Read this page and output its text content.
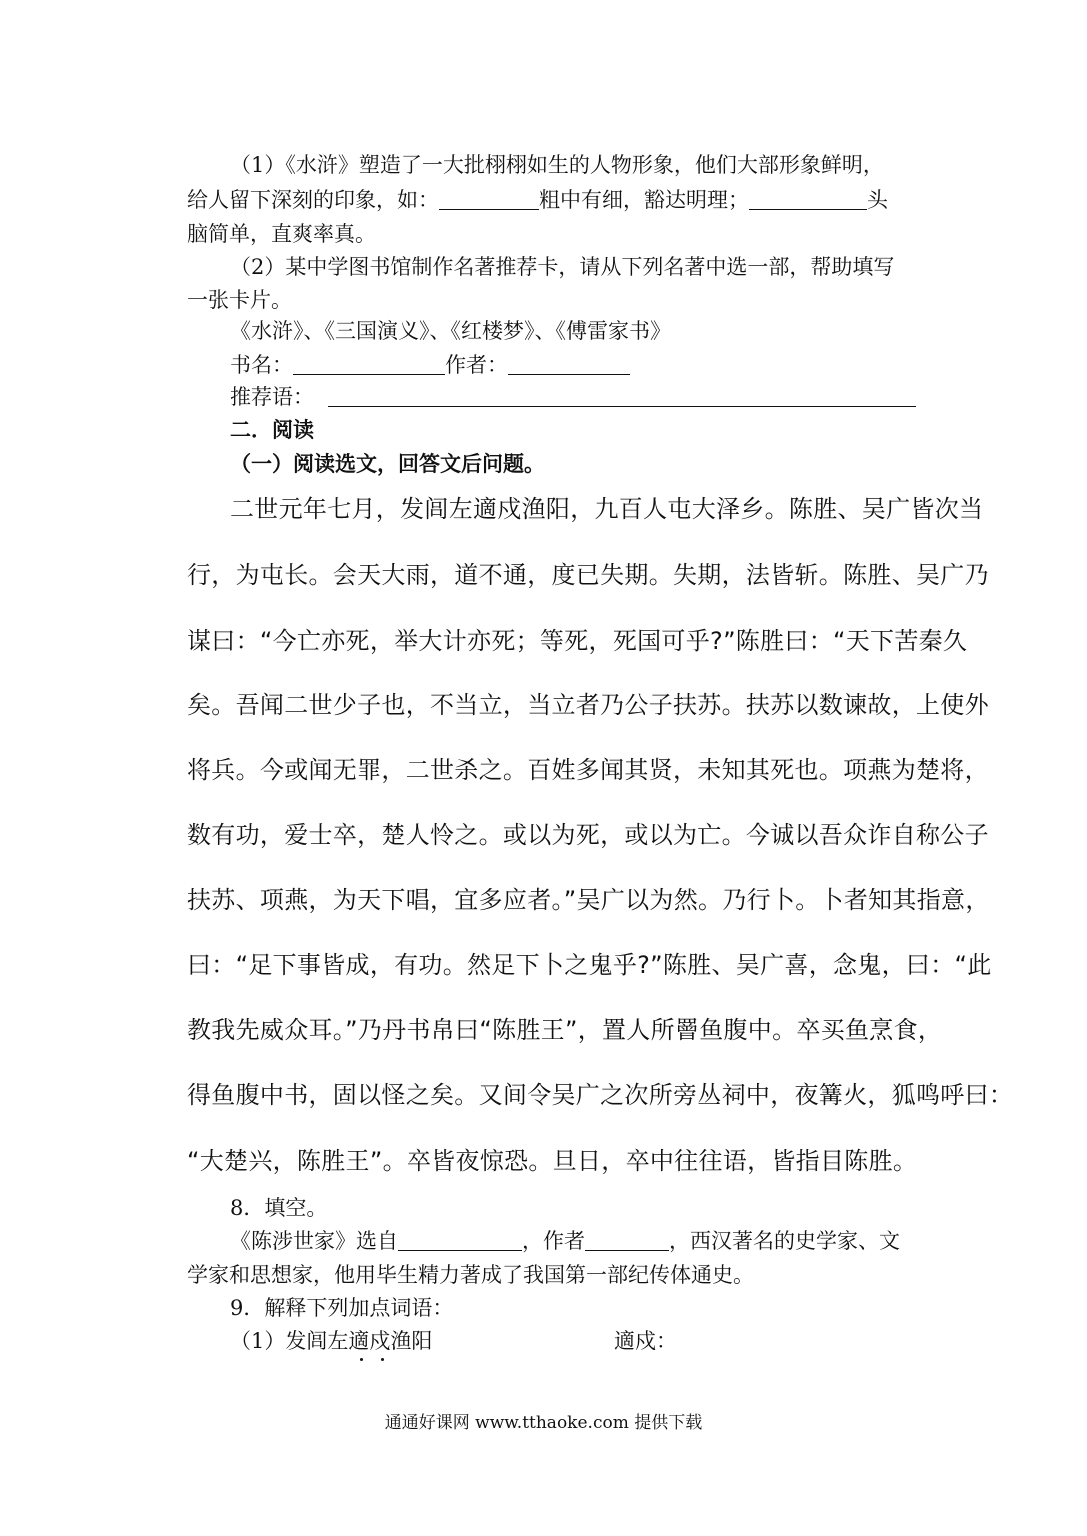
（1）《水浒》塑造了一大批栩栩如生的人物形象，他们大部形象鲜明，
给人留下深刻的印象，如：	粗中有细，豁达明理；	头
脑简单，直爽率真。
（2）某中学图书馆制作名著推荐卡，请从下列名著中选一部，帮助填写
一张卡片。
《水浒》、《三国演义》、《红楼梦》、《傅雷家书》
书名：	作者：
推荐语：
二．阅读
（一）阅读选文，回答文后问题。
二世元年七月，发闾左適戍渔阳，九百人屯大泽乡。陈胜、吴广皆次当
行，为屯长。会天大雨，道不通，度已失期。失期，法皆斩。陈胜、吴广乃
谋曰：“今亡亦死，举大计亦死；等死，死国可乎?”陈胜曰：“天下苦秦久
矣。吾闻二世少子也，不当立，当立者乃公子扶苏。扶苏以数谏故，上使外
将兵。今或闻无罪，二世杀之。百姓多闻其贤，未知其死也。项燕为楚将，
数有功，爱士卒，楚人怜之。或以为死，或以为亡。今诚以吾众诈自称公子
扶苏、项燕，为天下唱，宜多应者。”吴广以为然。乃行卜。卜者知其指意，
曰：“足下事皆成，有功。然足下卜之鬼乎?”陈胜、吴广喜，念鬼，曰：“此
教我先威众耳。”乃丹书帛曰“陈胜王”，置人所罾鱼腹中。卒买鱼烹食，
得鱼腹中书，固以怪之矣。又间令吴广之次所旁丛祠中，夜篝火，狐鸣呼曰：
“大楚兴，陈胜王”。卒皆夜惊恐。旦日，卒中往往语，皆指目陈胜。
8．填空。
《陈涉世家》选自	，作者	，西汉著名的史学家、文
学家和思想家，他用毕生精力著成了我国第一部纪传体通史。
9．解释下列加点词语：
（1）发闾左適戍渔阳	適戍：
通通好课网 www.tthaoke.com 提供下载
